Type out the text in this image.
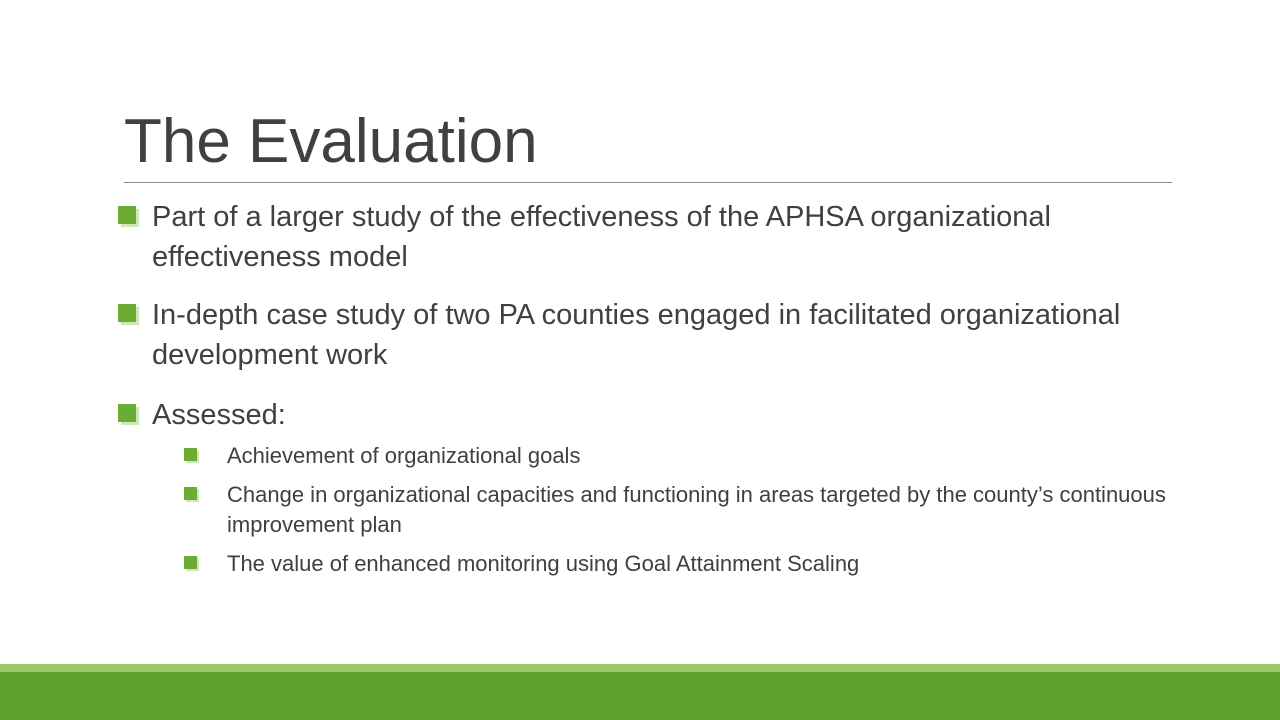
The Evaluation
Part of a larger study of the effectiveness of the APHSA organizational effectiveness model
In-depth case study of two PA counties engaged in facilitated organizational development work
Assessed:
Achievement of organizational goals
Change in organizational capacities and functioning in areas targeted by the county’s continuous improvement plan
The value of enhanced monitoring using Goal Attainment Scaling
